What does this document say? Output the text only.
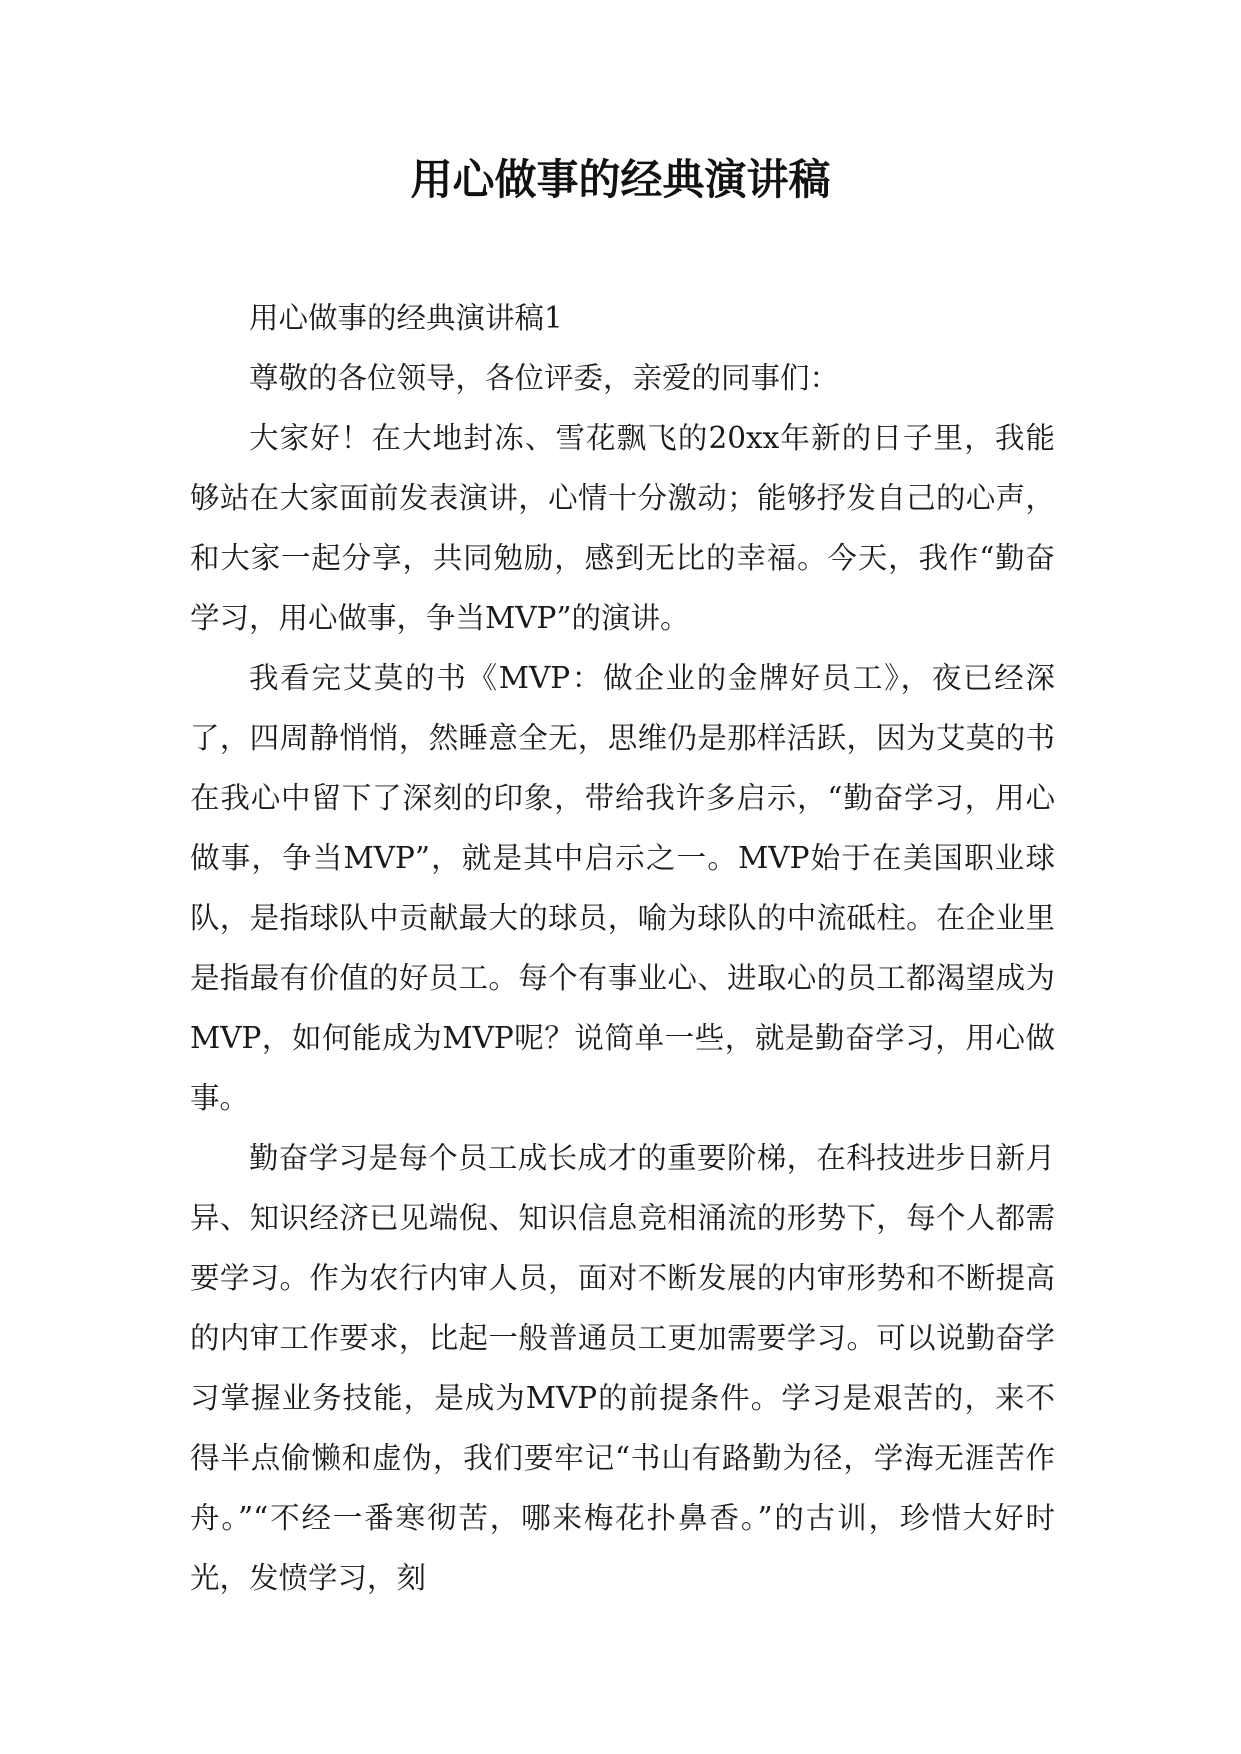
用心做事的经典演讲稿

用心做事的经典演讲稿1

尊敬的各位领导，各位评委，亲爱的同事们：

大家好！在大地封冻、雪花飘飞的20xx年新的日子里，我能够站在大家面前发表演讲，心情十分激动；能够抒发自己的心声，和大家一起分享，共同勉励，感到无比的幸福。今天，我作“勤奋学习，用心做事，争当MVP”的演讲。

我看完艾莫的书《MVP：做企业的金牌好员工》，夜已经深了，四周静悄悄，然睡意全无，思维仍是那样活跃，因为艾莫的书在我心中留下了深刻的印象，带给我许多启示，“勤奋学习，用心做事，争当MVP”，就是其中启示之一。MVP始于在美国职业球队，是指球队中贡献最大的球员，喻为球队的中流砥柱。在企业里是指最有价值的好员工。每个有事业心、进取心的员工都渴望成为MVP，如何能成为MVP呢？说简单一些，就是勤奋学习，用心做事。

勤奋学习是每个员工成长成才的重要阶梯，在科技进步日新月异、知识经济已见端倪、知识信息竞相涌流的形势下，每个人都需要学习。作为农行内审人员，面对不断发展的内审形势和不断提高的内审工作要求，比起一般普通员工更加需要学习。可以说勤奋学习掌握业务技能，是成为MVP的前提条件。学习是艰苦的，来不得半点偷懒和虚伪，我们要牢记“书山有路勤为径，学海无涯苦作舟。”“不经一番寒彻苦，哪来梅花扑鼻香。”的古训，珍惜大好时光，发愤学习，刻
